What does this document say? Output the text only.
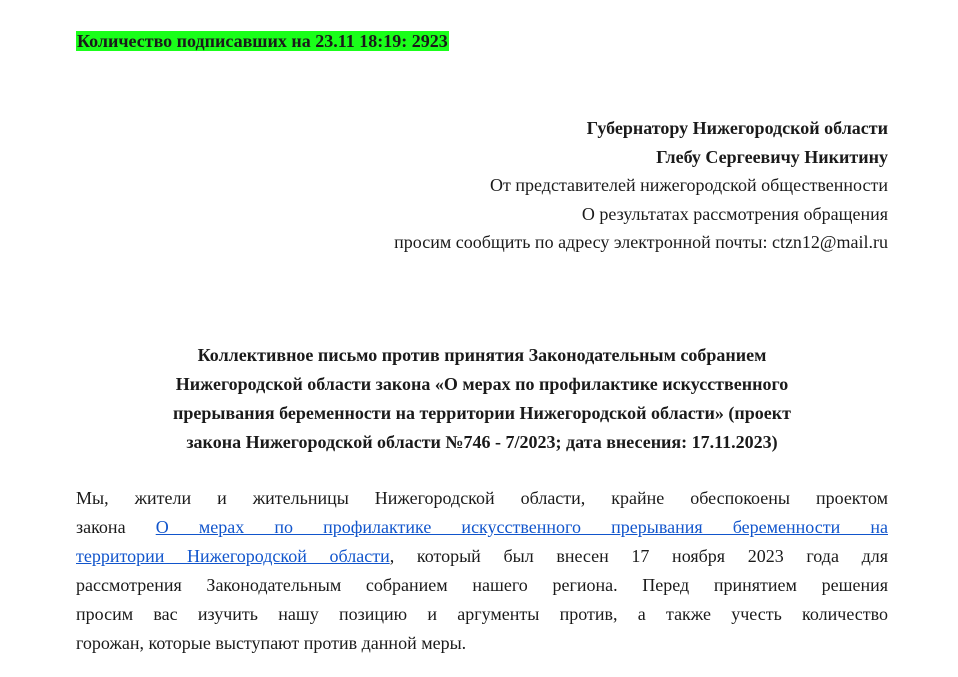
Количество подписавших на 23.11 18:19: 2923
Губернатору Нижегородской области
Глебу Сергеевичу Никитину
От представителей нижегородской общественности
О результатах рассмотрения обращения
просим сообщить по адресу электронной почты: ctzn12@mail.ru
Коллективное письмо против принятия Законодательным собранием
Нижегородской области закона «О мерах по профилактике искусственного
прерывания беременности на территории Нижегородской области» (проект
закона Нижегородской области №746 - 7/2023; дата внесения: 17.11.2023)
Мы, жители и жительницы Нижегородской области, крайне обеспокоены проектом
закона О мерах по профилактике искусственного прерывания беременности на
территории Нижегородской области, который был внесен 17 ноября 2023 года для
рассмотрения Законодательным собранием нашего региона. Перед принятием решения
просим вас изучить нашу позицию и аргументы против, а также учесть количество
горожан, которые выступают против данной меры.
